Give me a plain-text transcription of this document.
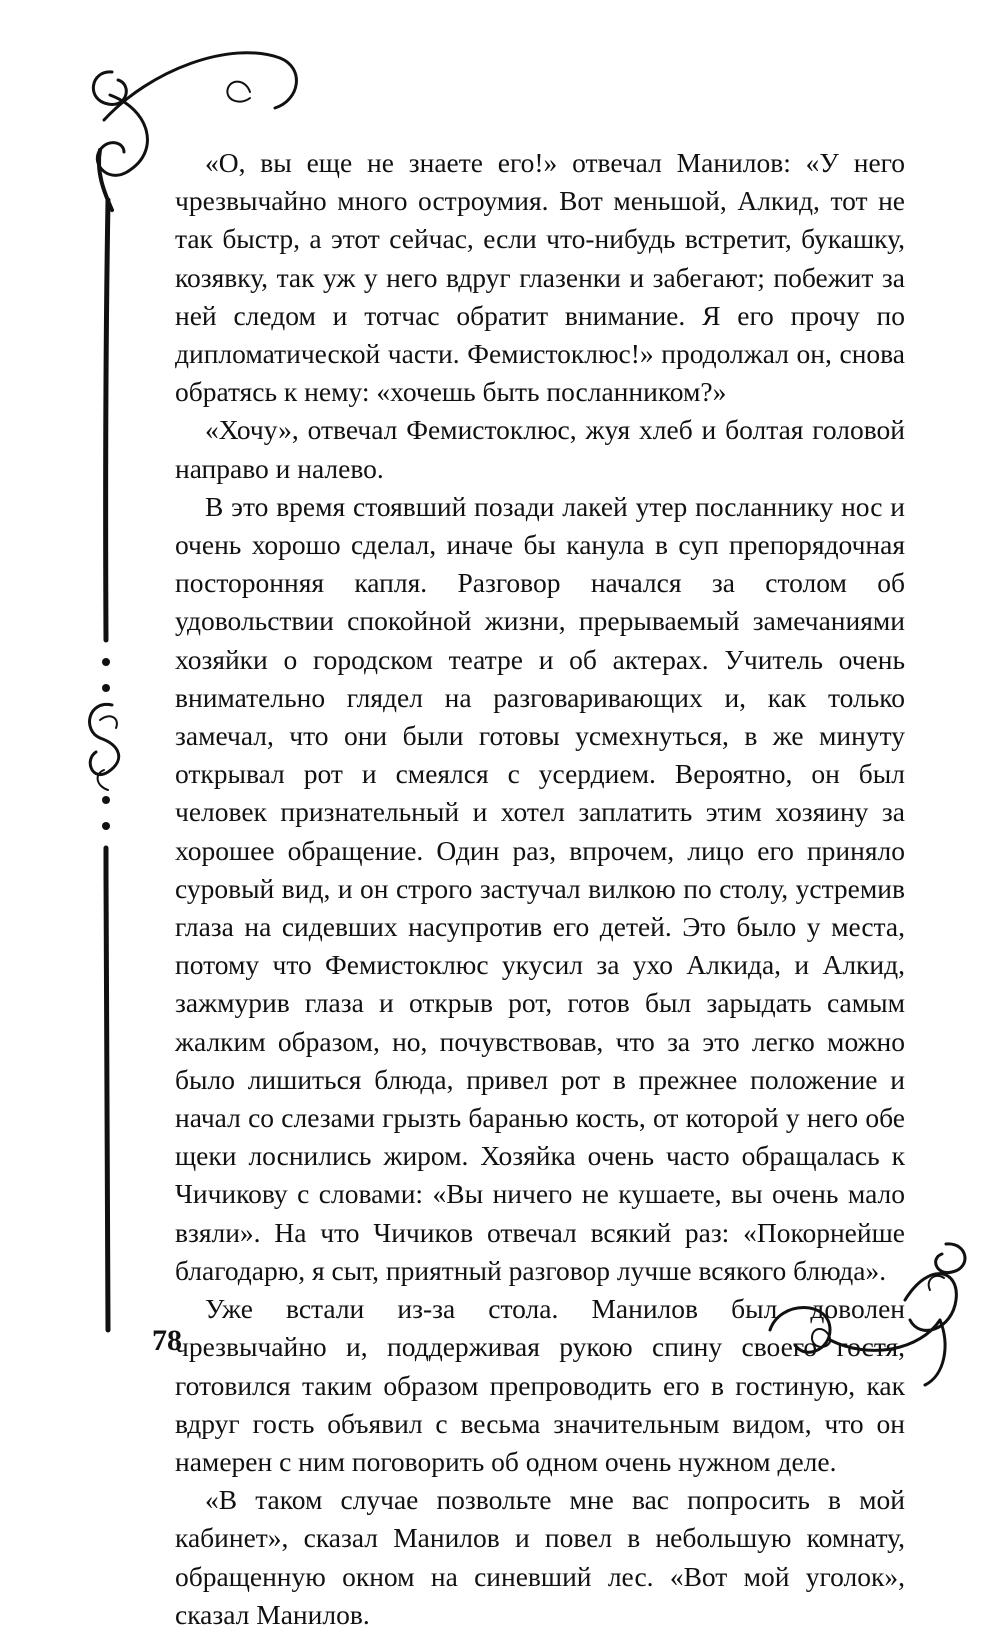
«О, вы еще не знаете его!» отвечал Манилов: «У него чрезвычайно много остроумия. Вот меньшой, Алкид, тот не так быстр, а этот сейчас, если что-нибудь встретит, букашку, козявку, так уж у него вдруг глазенки и забегают; побежит за ней следом и тотчас обратит внимание. Я его прочу по дипломатической части. Фемистоклюс!» продолжал он, снова обратясь к нему: «хочешь быть посланником?»

«Хочу», отвечал Фемистоклюс, жуя хлеб и болтая головой направо и налево.

В это время стоявший позади лакей утер посланнику нос и очень хорошо сделал, иначе бы канула в суп препорядочная посторонняя капля. Разговор начался за столом об удовольствии спокойной жизни, прерываемый замечаниями хозяйки о городском театре и об актерах. Учитель очень внимательно глядел на разговаривающих и, как только замечал, что они были готовы усмехнуться, в же минуту открывал рот и смеялся с усердием. Вероятно, он был человек признательный и хотел заплатить этим хозяину за хорошее обращение. Один раз, впрочем, лицо его приняло суровый вид, и он строго застучал вилкою по столу, устремив глаза на сидевших насупротив его детей. Это было у места, потому что Фемистоклюс укусил за ухо Алкида, и Алкид, зажмурив глаза и открыв рот, готов был зарыдать самым жалким образом, но, почувствовав, что за это легко можно было лишиться блюда, привел рот в прежнее положение и начал со слезами грызть баранью кость, от которой у него обе щеки лоснились жиром. Хозяйка очень часто обращалась к Чичикову с словами: «Вы ничего не кушаете, вы очень мало взяли». На что Чичиков отвечал всякий раз: «Покорнейше благодарю, я сыт, приятный разговор лучше всякого блюда».

Уже встали из-за стола. Манилов был доволен чрезвычайно и, поддерживая рукою спину своего гостя, готовился таким образом препроводить его в гостиную, как вдруг гость объявил с весьма значительным видом, что он намерен с ним поговорить об одном очень нужном деле.

«В таком случае позвольте мне вас попросить в мой кабинет», сказал Манилов и повел в небольшую комнату, обращенную окном на синевший лес. «Вот мой уголок», сказал Манилов.

78
